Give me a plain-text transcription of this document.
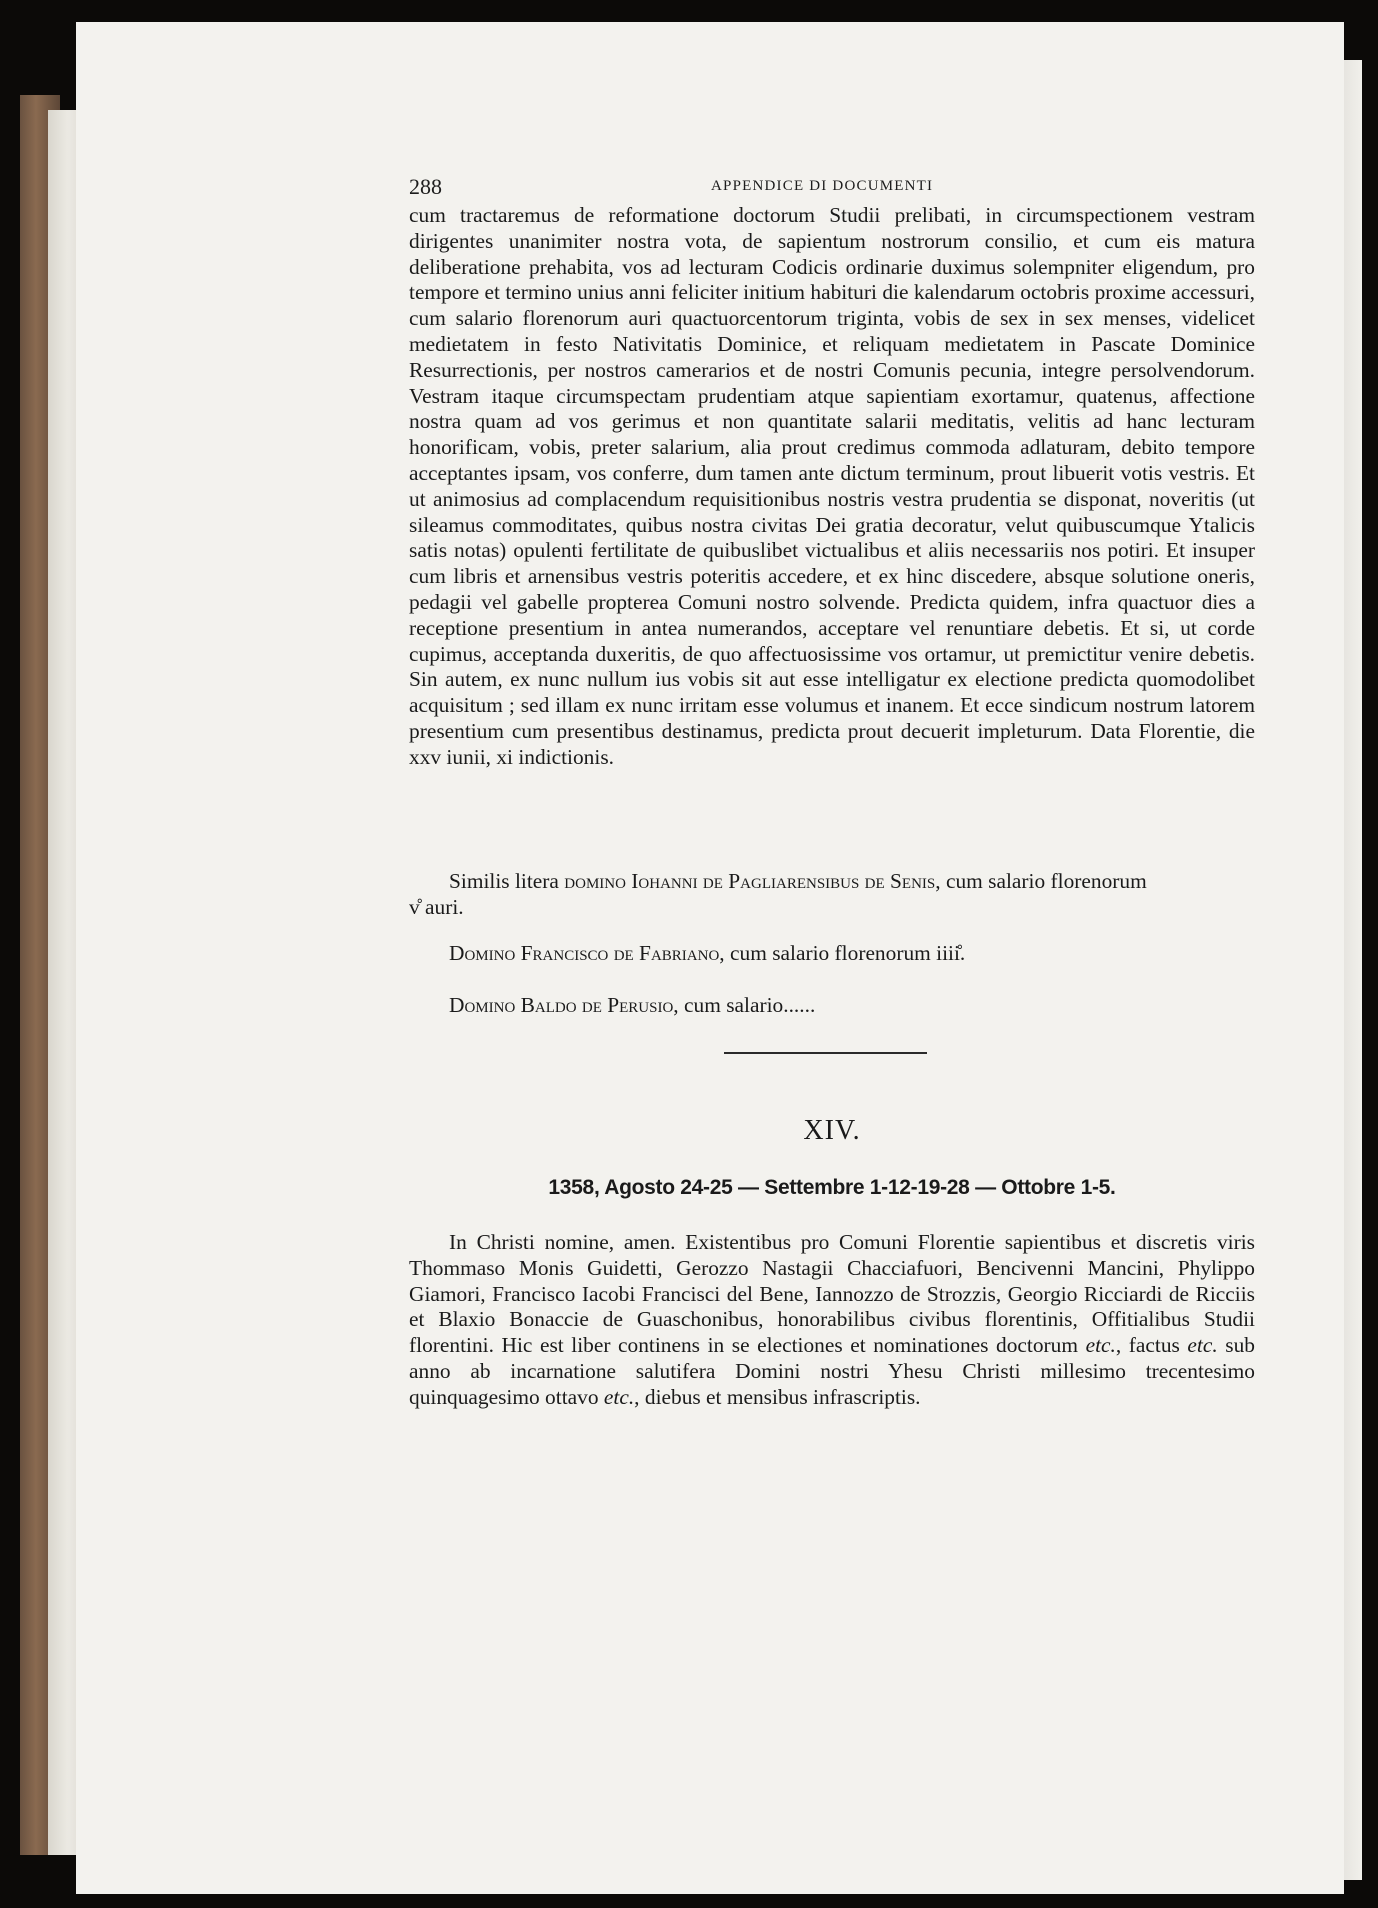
288	APPENDICE DI DOCUMENTI

cum tractaremus de reformatione doctorum Studii prelibati, in circumspectionem vestram dirigentes unanimiter nostra vota, de sapientum nostrorum consilio, et cum eis matura deliberatione prehabita, vos ad lecturam Codicis ordinarie duximus solempniter eligendum, pro tempore et termino unius anni feliciter initium habituri die kalendarum octobris proxime accessuri, cum salario florenorum auri quactuorcentorum triginta, vobis de sex in sex menses, videlicet medietatem in festo Nativitatis Dominice, et reliquam medietatem in Pascate Dominice Resurrectionis, per nostros camerarios et de nostri Comunis pecunia, integre persolvendorum. Vestram itaque circumspectam prudentiam atque sapientiam exortamur, quatenus, affectione nostra quam ad vos gerimus et non quantitate salarii meditatis, velitis ad hanc lecturam honorificam, vobis, preter salarium, alia prout credimus commoda adlaturam, debito tempore acceptantes ipsam, vos conferre, dum tamen ante dictum terminum, prout libuerit votis vestris. Et ut animosius ad complacendum requisitionibus nostris vestra prudentia se disponat, noveritis (ut sileamus commoditates, quibus nostra civitas Dei gratia decoratur, velut quibuscumque Ytalicis satis notas) opulenti fertilitate de quibuslibet victualibus et aliis necessariis nos potiri. Et insuper cum libris et arnensibus vestris poteritis accedere, et ex hinc discedere, absque solutione oneris, pedagii vel gabelle propterea Comuni nostro solvende. Predicta quidem, infra quactuor dies a receptione presentium in antea numerandos, acceptare vel renuntiare debetis. Et si, ut corde cupimus, acceptanda duxeritis, de quo affectuosissime vos ortamur, ut premictitur venire debetis. Sin autem, ex nunc nullum ius vobis sit aut esse intelligatur ex electione predicta quomodolibet acquisitum ; sed illam ex nunc irritam esse volumus et inanem. Et ecce sindicum nostrum latorem presentium cum presentibus destinamus, predicta prout decuerit impleturum. Data Florentie, die xxv iunii, xi indictionis.

Similis litera domino Iohanni de Pagliarensibus de Senis, cum salario florenorum
v̊ auri.
Domino Francisco de Fabriano, cum salario florenorum iiii̊.
Domino Baldo de Perusio, cum salario......
XIV.
1358, Agosto 24-25 — Settembre 1-12-19-28 — Ottobre 1-5.

In Christi nomine, amen. Existentibus pro Comuni Florentie sapientibus et discretis viris Thommaso Monis Guidetti, Gerozzo Nastagii Chacciafuori, Bencivenni Mancini, Phylippo Giamori, Francisco Iacobi Francisci del Bene, Iannozzo de Strozzis, Georgio Ricciardi de Ricciis et Blaxio Bonaccie de Guaschonibus, honorabilibus civibus florentinis, Offitialibus Studii florentini. Hic est liber continens in se electiones et nominationes doctorum etc., factus etc. sub anno ab incarnatione salutifera Domini nostri Yhesu Christi millesimo trecentesimo quinquagesimo ottavo etc., diebus et mensibus infrascriptis.
